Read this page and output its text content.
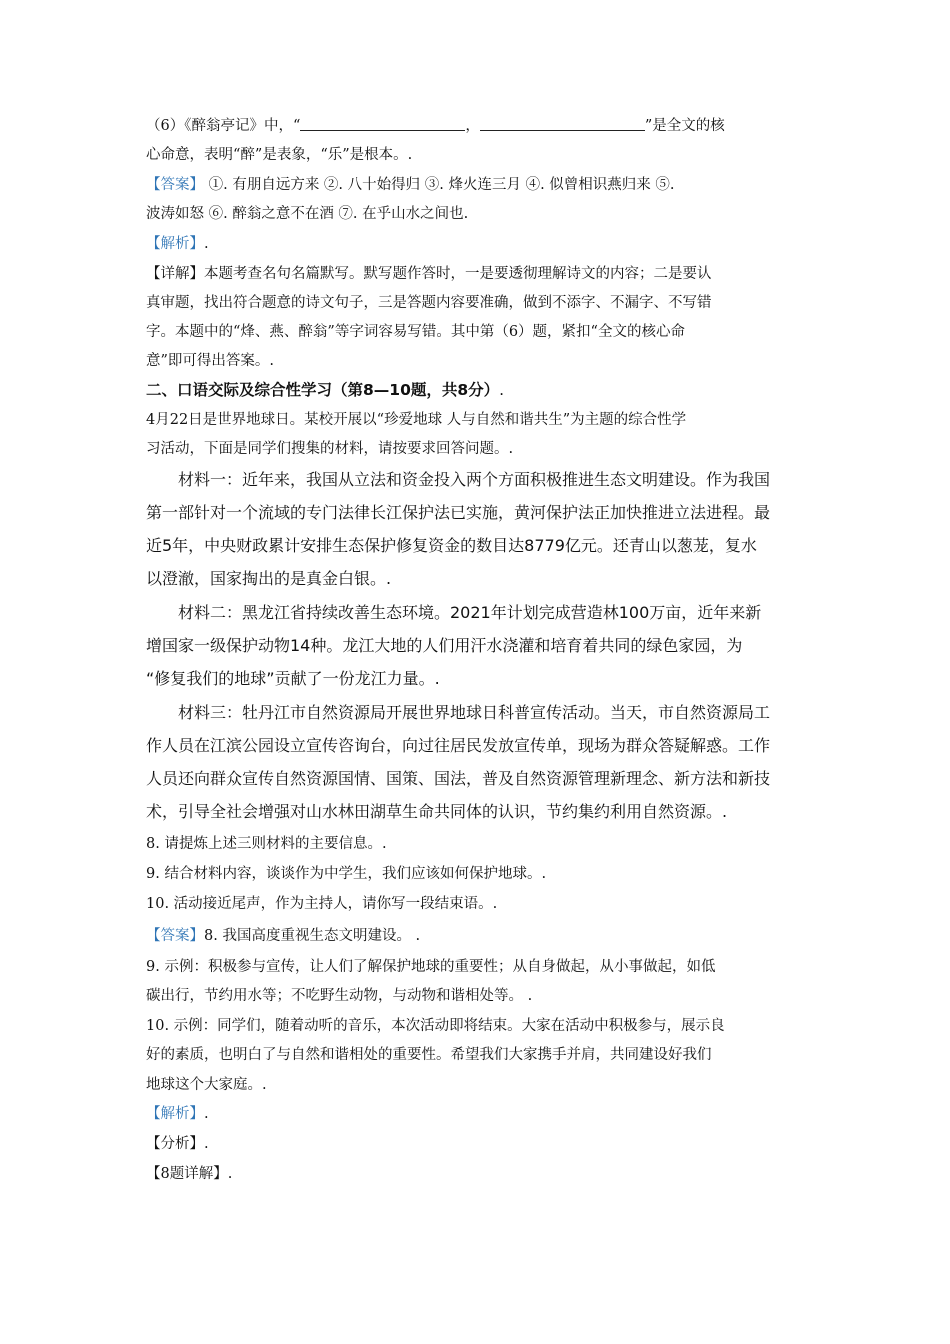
（6）《醉翁亭记》中，“	，	”是全文的核

心命意，表明“醉”是表象，“乐”是根本。.

【答案】 ①. 有朋自远方来 ②. 八十始得归 ③. 烽火连三月 ④. 似曾相识燕归来 ⑤.

波涛如怒 ⑥. 醉翁之意不在酒 ⑦. 在乎山水之间也.

【解析】.

【详解】本题考查名句名篇默写。默写题作答时，一是要透彻理解诗文的内容；二是要认

真审题，找出符合题意的诗文句子，三是答题内容要准确，做到不添字、不漏字、不写错

字。本题中的“烽、燕、醉翁”等字词容易写错。其中第（6）题，紧扣“全文的核心命

意”即可得出答案。.

二、口语交际及综合性学习（第8—10题，共8分）.

4月22日是世界地球日。某校开展以“珍爱地球 人与自然和谐共生”为主题的综合性学

习活动，下面是同学们搜集的材料，请按要求回答问题。.

材料一：近年来，我国从立法和资金投入两个方面积极推进生态文明建设。作为我国

第一部针对一个流域的专门法律长江保护法已实施，黄河保护法正加快推进立法进程。最

近5年，中央财政累计安排生态保护修复资金的数目达8779亿元。还青山以葱茏，复水

以澄澈，国家掏出的是真金白银。.

材料二：黑龙江省持续改善生态环境。2021年计划完成营造林100万亩，近年来新

增国家一级保护动物14种。龙江大地的人们用汗水浇灌和培育着共同的绿色家园，为

“修复我们的地球”贡献了一份龙江力量。.

材料三：牡丹江市自然资源局开展世界地球日科普宣传活动。当天，市自然资源局工

作人员在江滨公园设立宣传咨询台，向过往居民发放宣传单，现场为群众答疑解惑。工作

人员还向群众宣传自然资源国情、国策、国法，普及自然资源管理新理念、新方法和新技

术，引导全社会增强对山水林田湖草生命共同体的认识，节约集约利用自然资源。.

8. 请提炼上述三则材料的主要信息。.

9. 结合材料内容，谈谈作为中学生，我们应该如何保护地球。.

10. 活动接近尾声，作为主持人，请你写一段结束语。.

【答案】8. 我国高度重视生态文明建设。 .

9. 示例：积极参与宣传，让人们了解保护地球的重要性；从自身做起，从小事做起，如低

碳出行，节约用水等；不吃野生动物，与动物和谐相处等。 .

10. 示例：同学们，随着动听的音乐，本次活动即将结束。大家在活动中积极参与，展示良

好的素质，也明白了与自然和谐相处的重要性。希望我们大家携手并肩，共同建设好我们

地球这个大家庭。.

【解析】.

【分析】.

【8题详解】.
